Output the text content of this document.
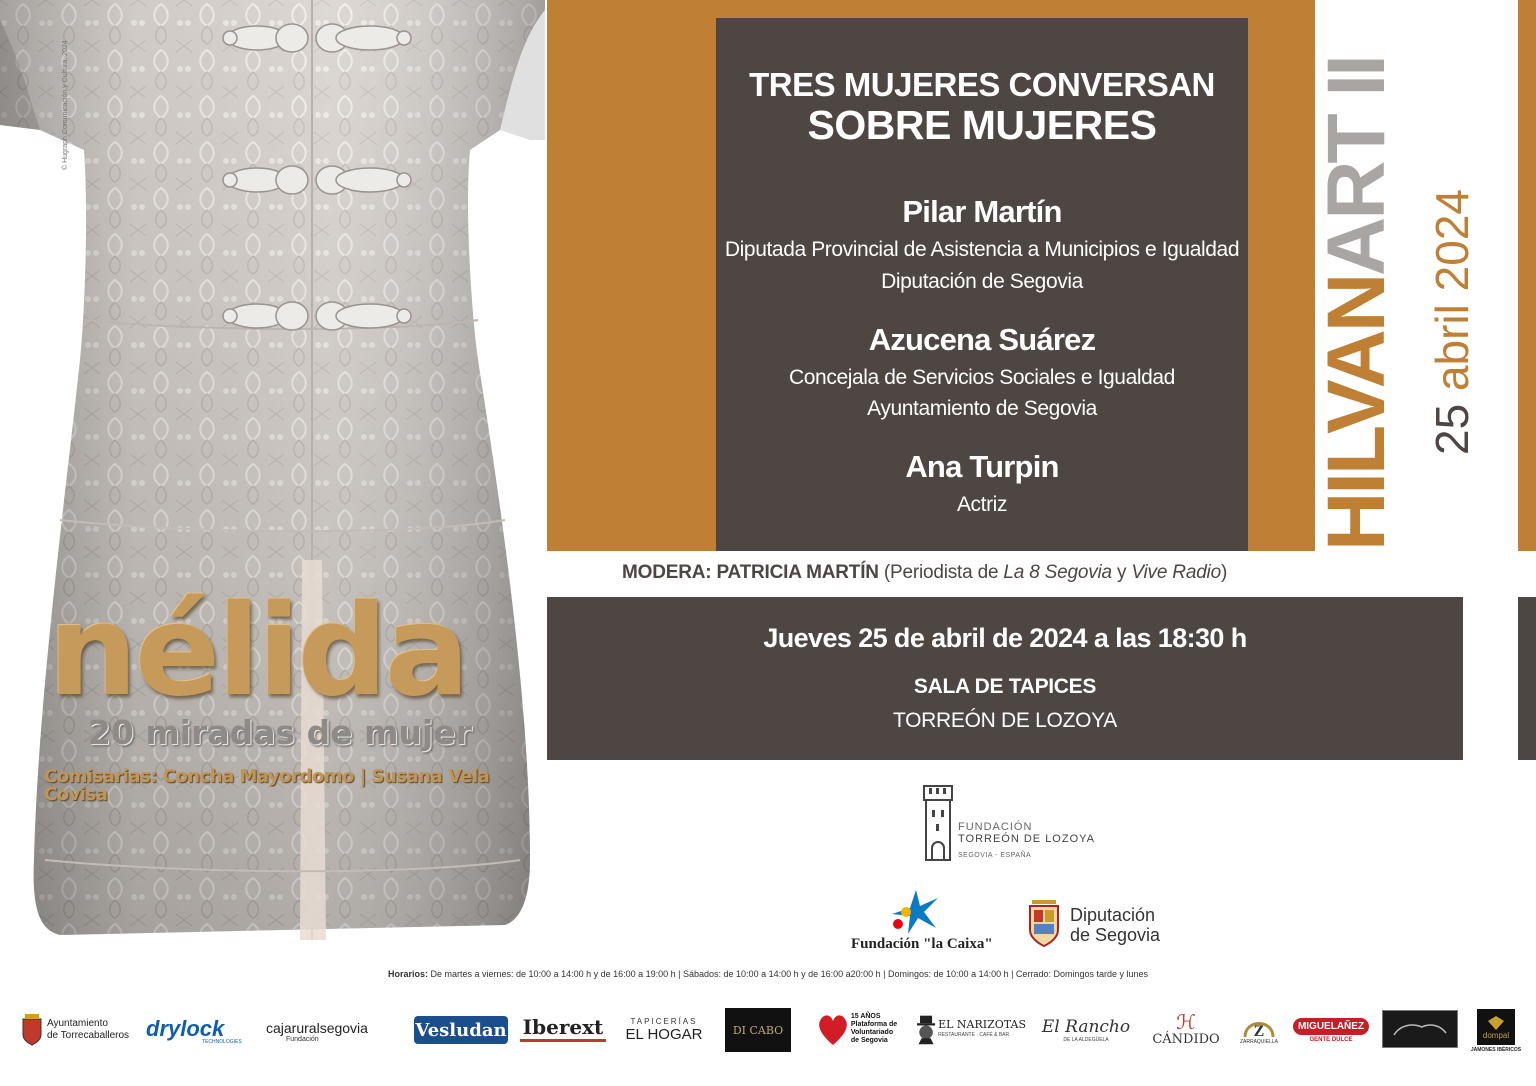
© Hugraph Comunicación y Cultura, 2024
nélida
20 miradas de mujer
Comisarias: Concha Mayordomo | Susana Vela Covisa
TRES MUJERES CONVERSAN
SOBRE MUJERES
Pilar Martín
Diputada Provincial de Asistencia a Municipios e Igualdad
Diputación de Segovia
Azucena Suárez
Concejala de Servicios Sociales e Igualdad
Ayuntamiento de Segovia
Ana Turpin
Actriz	HILVANART II
25 abril 2024
MODERA: PATRICIA MARTÍN (Periodista de La 8 Segovia y Vive Radio)
Jueves 25 de abril de 2024 a las 18:30 h
SALA DE TAPICES
TORREÓN DE LOZOYA
FUNDACIÓN
TORREÓN DE LOZOYA
SEGOVIA - ESPAÑA
Fundación "la Caixa"
Diputación
de Segovia
Horarios: De martes a viernes: de 10:00 a 14:00 h y de 16:00 a 19:00 h | Sábados: de 10:00 a 14:00 h y de 16:00 a20:00 h | Domingos: de 10:00 a 14:00 h | Cerrado: Domingos tarde y lunes
Ayuntamiento
de Torrecaballeros drylock
TECHNOLOGIES
cajaruralsegovia
Fundación	Vesludan Iberext	TAPICERÍAS
EL HOGAR	DI CABO
15 AÑOS
Plataforma de
Voluntariado
de Segovia
EL NARIZOTAS
RESTAURANTE · CAFÉ & BAR	El Rancho
DE LA ALDEGÜELA
ℋ
CÁNDIDO Z
ZARRAQUIELLA
MIGUELAÑEZ
GENTE DULCE	dompal
JAMONES IBÉRICOS
